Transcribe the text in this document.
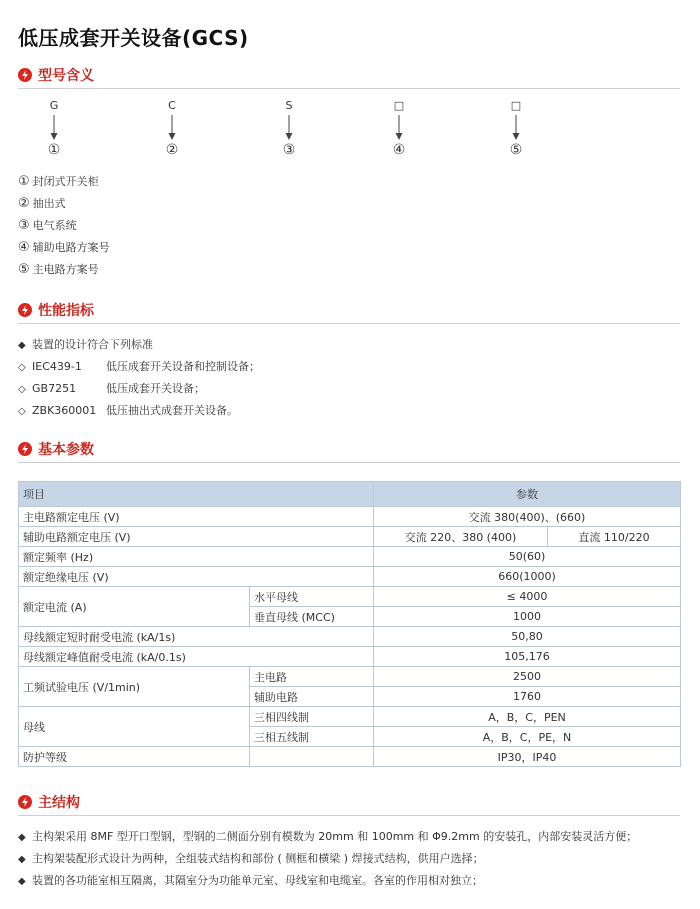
低压成套开关设备(GCS)
型号含义
G
①
C
②
S
③
□
④
□
⑤
① 封闭式开关柜
② 抽出式
③ 电气系统
④ 辅助电路方案号
⑤ 主电路方案号
性能指标
◆ 装置的设计符合下列标准
◇ IEC439-1 低压成套开关设备和控制设备；
◇ GB7251	低压成套开关设备；
◇ ZBK360001 低压抽出式成套开关设备。
基本参数
项目		参数	
主电路额定电压 (V)		交流 380(400)、(660)	
辅助电路额定电压 (V)		交流 220、380 (400)	直流 110/220
额定频率 (Hz)		50(60)	
额定绝缘电压 (V)		660(1000)	
额定电流 (A)	水平母线	≤ 4000	
	垂直母线 (MCC)	1000	
母线额定短时耐受电流 (kA/1s)		50,80	
母线额定峰值耐受电流 (kA/0.1s)		105,176	
工频试验电压 (V/1min)	主电路	2500	
	辅助电路	1760	
母线	三相四线制	A，B，C，PEN	
	三相五线制	A，B，C，PE，N	
防护等级		IP30，IP40	
主结构
◆ 主构架采用 8MF 型开口型钢，型钢的二侧面分别有模数为 20mm 和 100mm 和 Φ9.2mm 的安装孔，内部安装灵活方便；
◆ 主构架装配形式设计为两种，全组装式结构和部份 ( 侧框和横梁 ) 焊接式结构，供用户选择；
◆ 装置的各功能室相互隔离，其隔室分为功能单元室、母线室和电缆室。各室的作用相对独立；
